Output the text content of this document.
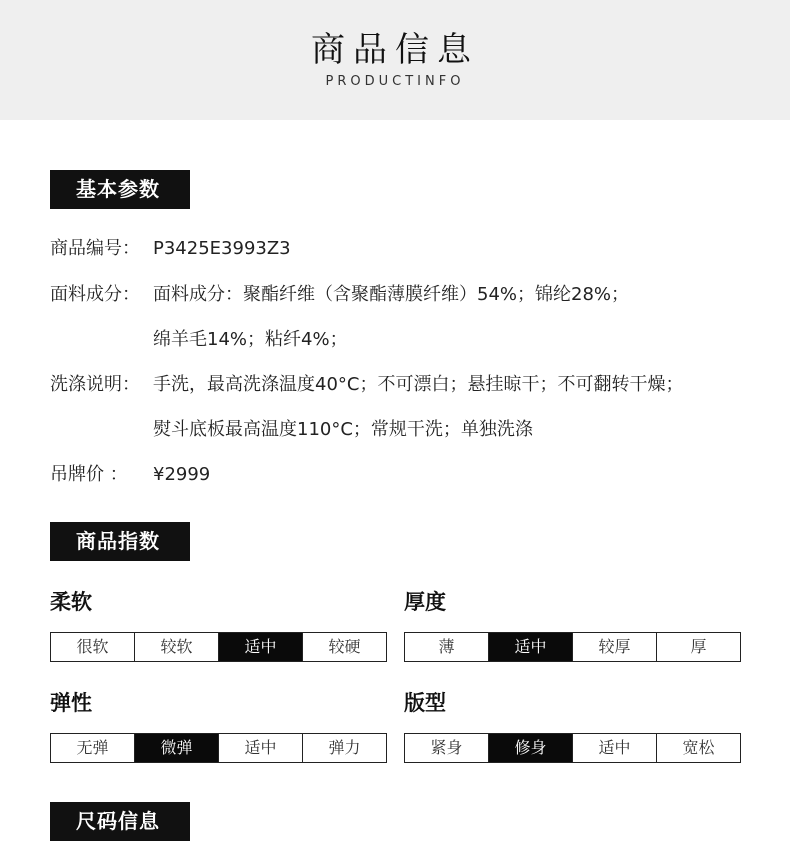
商品信息
PRODUCTINFO
基本参数
商品编号： P3425E3993Z3
面料成分： 面料成分：聚酯纤维（含聚酯薄膜纤维）54%；锦纶28%；
绵羊毛14%；粘纤4%；
洗涤说明： 手洗，最高洗涤温度40°C；不可漂白；悬挂晾干；不可翻转干燥；
熨斗底板最高温度110°C；常规干洗；单独洗涤
吊牌价 ： ¥2999
商品指数
柔软
很软	较软	适中	较硬
厚度
薄	适中	较厚	厚
弹性
无弹	微弹	适中	弹力
版型
紧身	修身	适中	宽松
尺码信息
